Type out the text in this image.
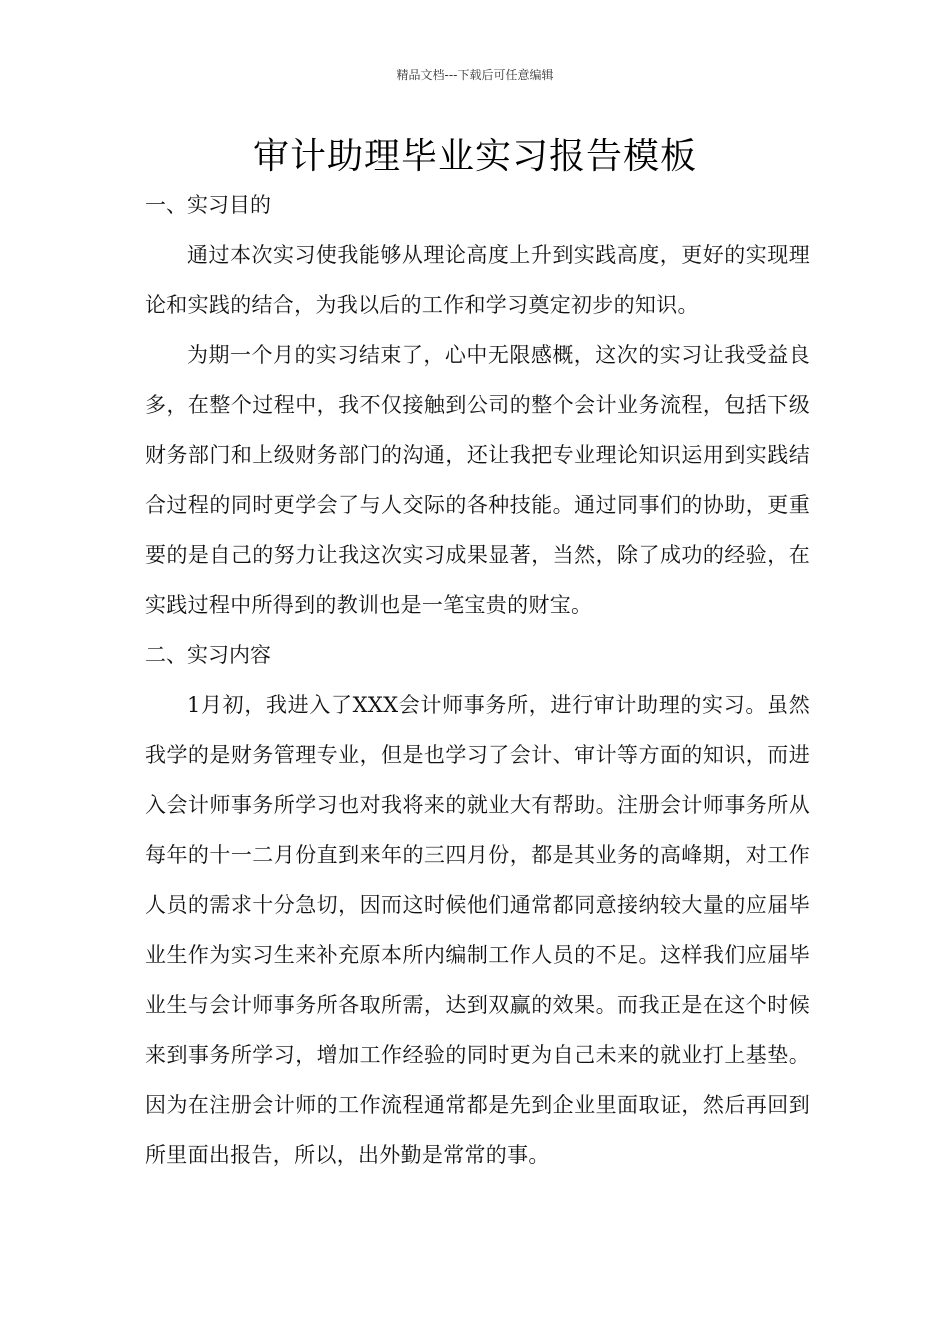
精品文档---下载后可任意编辑
审计助理毕业实习报告模板
一、实习目的

通过本次实习使我能够从理论高度上升到实践高度，更好的实现理论和实践的结合，为我以后的工作和学习奠定初步的知识。

为期一个月的实习结束了，心中无限感概，这次的实习让我受益良多，在整个过程中，我不仅接触到公司的整个会计业务流程，包括下级财务部门和上级财务部门的沟通，还让我把专业理论知识运用到实践结合过程的同时更学会了与人交际的各种技能。通过同事们的协助，更重要的是自己的努力让我这次实习成果显著，当然，除了成功的经验，在实践过程中所得到的教训也是一笔宝贵的财宝。

二、实习内容

1月初，我进入了XXX会计师事务所，进行审计助理的实习。虽然我学的是财务管理专业，但是也学习了会计、审计等方面的知识，而进入会计师事务所学习也对我将来的就业大有帮助。注册会计师事务所从每年的十一二月份直到来年的三四月份，都是其业务的高峰期，对工作人员的需求十分急切，因而这时候他们通常都同意接纳较大量的应届毕业生作为实习生来补充原本所内编制工作人员的不足。这样我们应届毕业生与会计师事务所各取所需，达到双赢的效果。而我正是在这个时候来到事务所学习，增加工作经验的同时更为自己未来的就业打上基垫。因为在注册会计师的工作流程通常都是先到企业里面取证，然后再回到所里面出报告，所以，出外勤是常常的事。
